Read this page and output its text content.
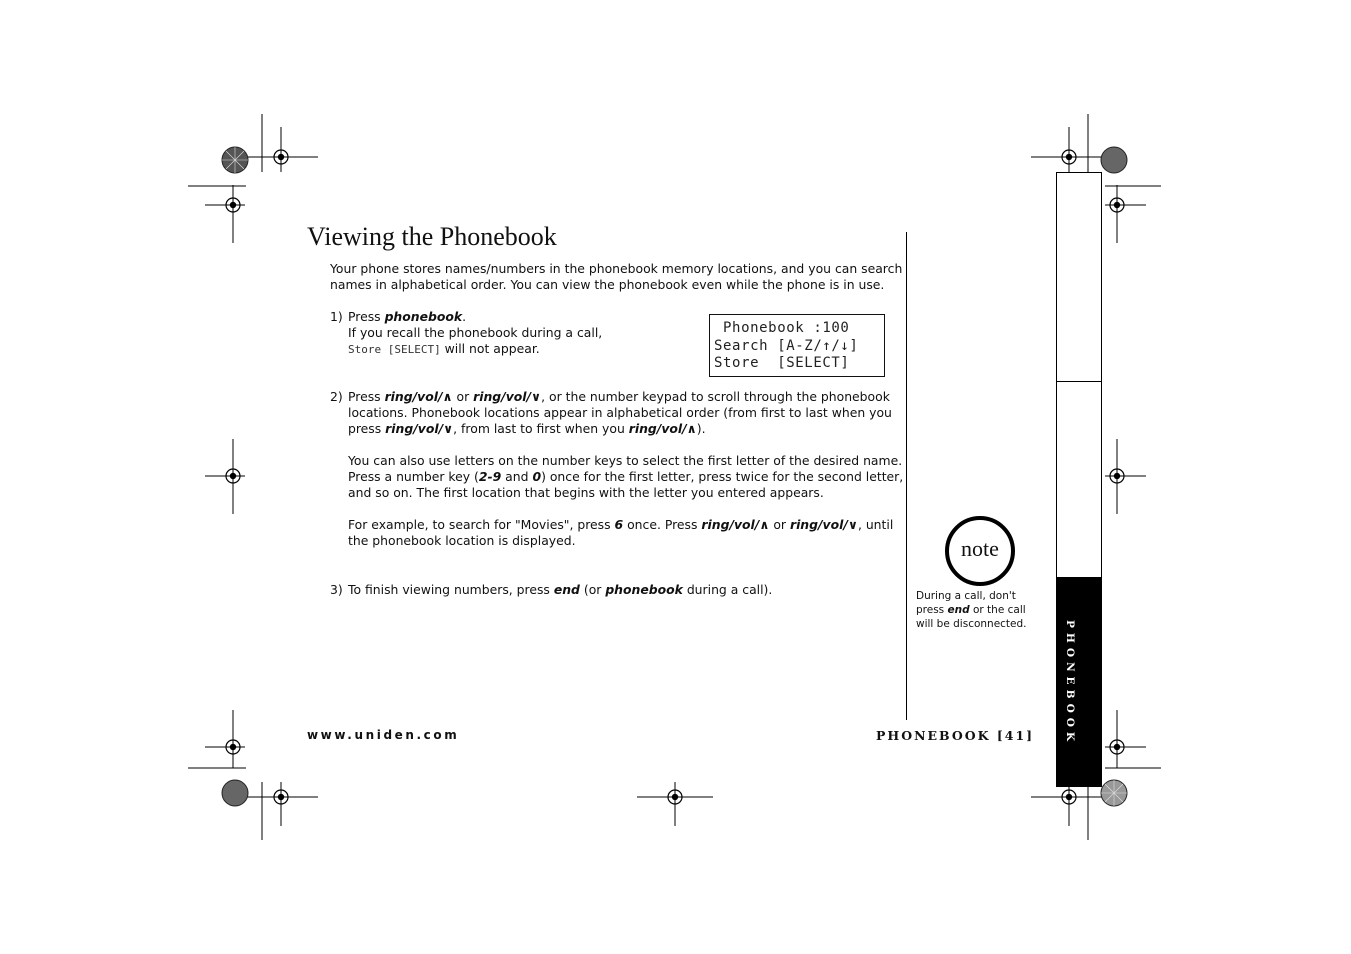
Viewing the Phonebook
Your phone stores names/numbers in the phonebook memory locations, and you can search
names in alphabetical order. You can view the phonebook even while the phone is in use.
1) Press phonebook.
If you recall the phonebook during a call,
Store [SELECT] will not appear.
Phonebook :100
Search [A-Z/↑/↓]
Store  [SELECT]
2) Press ring/vol/∧ or ring/vol/∨, or the number keypad to scroll through the phonebook
locations. Phonebook locations appear in alphabetical order (from first to last when you
press ring/vol/∨, from last to first when you ring/vol/∧).
You can also use letters on the number keys to select the first letter of the desired name.
Press a number key (2-9 and 0) once for the first letter, press twice for the second letter,
and so on. The first location that begins with the letter you entered appears.
For example, to search for "Movies", press 6 once. Press ring/vol/∧ or ring/vol/∨, until
the phonebook location is displayed.
3) To finish viewing numbers, press end (or phonebook during a call).
note
During a call, don't
press end or the call
will be disconnected.	PHONEBOOK
www.uniden.com	PHONEBOOK [41]
